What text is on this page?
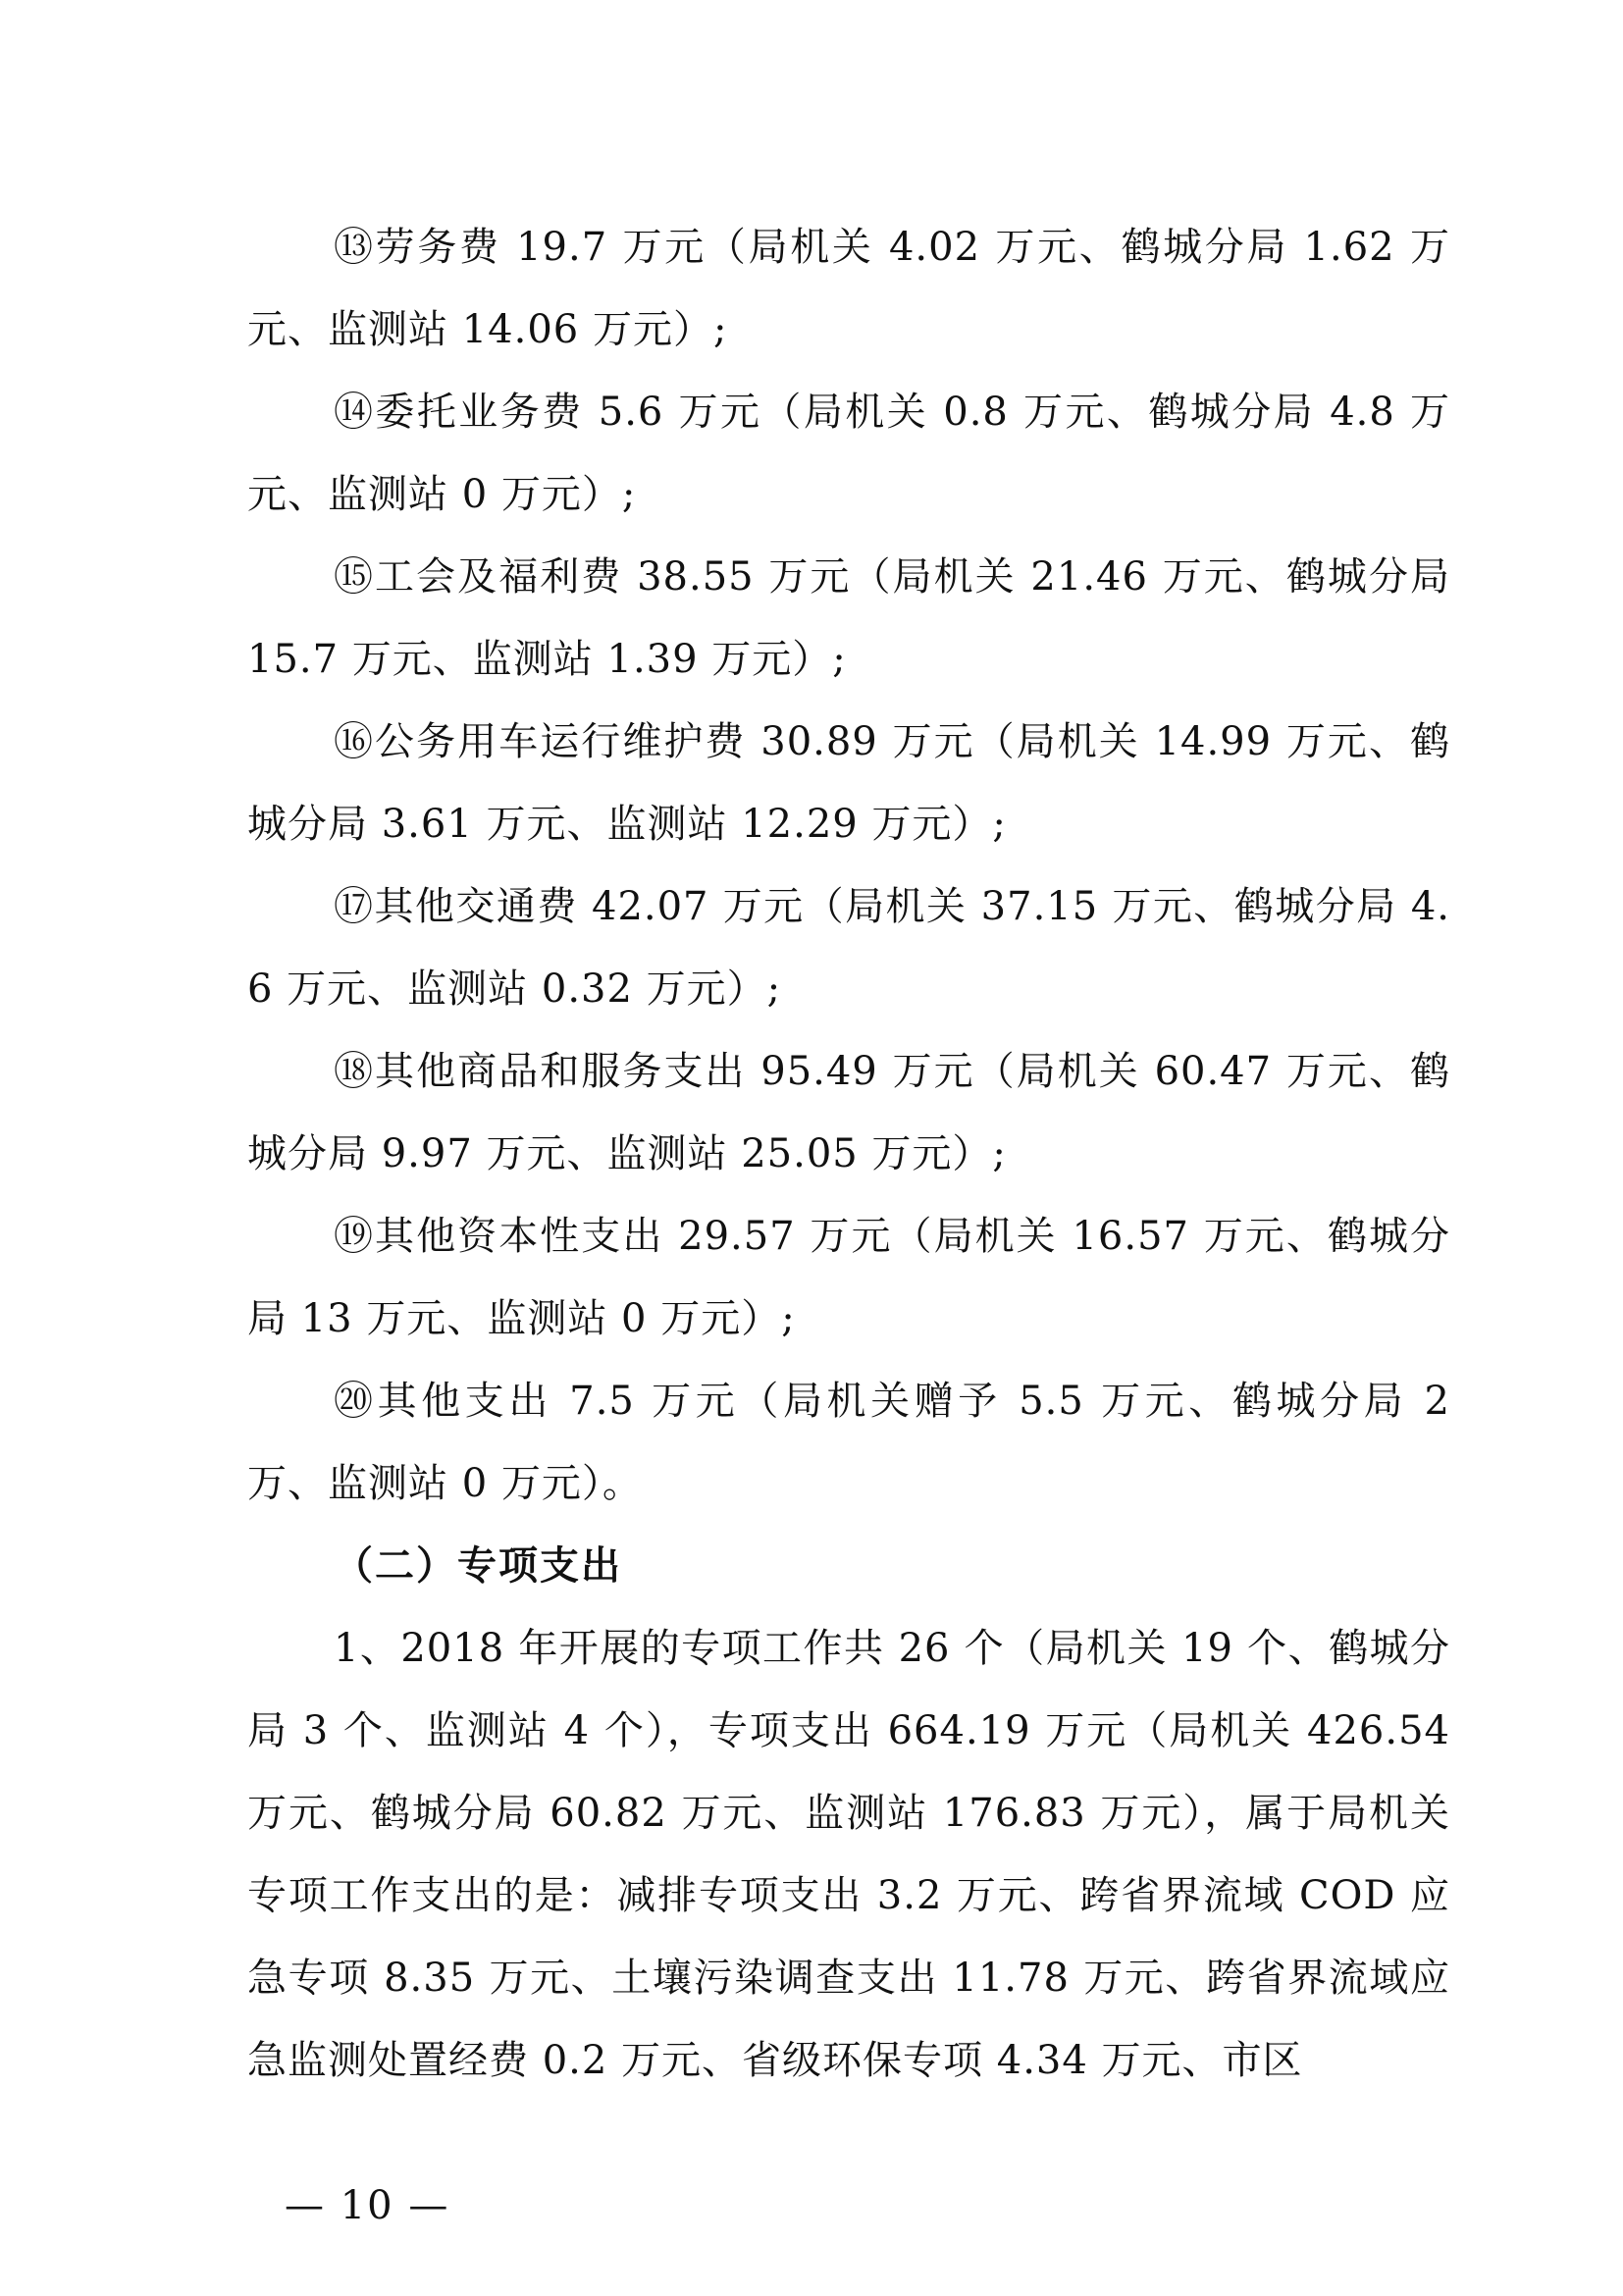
⑬劳务费 19.7 万元（局机关 4.02 万元、鹤城分局 1.62 万元、监测站 14.06 万元）;

⑭委托业务费 5.6 万元（局机关 0.8 万元、鹤城分局 4.8 万元、监测站 0 万元）;

⑮工会及福利费 38.55 万元（局机关 21.46 万元、鹤城分局 15.7 万元、监测站 1.39 万元）;

⑯公务用车运行维护费 30.89 万元（局机关 14.99 万元、鹤城分局 3.61 万元、监测站 12.29 万元）;

⑰其他交通费 42.07 万元（局机关 37.15 万元、鹤城分局 4.6 万元、监测站 0.32 万元）;

⑱其他商品和服务支出 95.49 万元（局机关 60.47 万元、鹤城分局 9.97 万元、监测站 25.05 万元）;

⑲其他资本性支出 29.57 万元（局机关 16.57 万元、鹤城分局 13 万元、监测站 0 万元）;

⑳其他支出 7.5 万元（局机关赠予 5.5 万元、鹤城分局 2 万、监测站 0 万元）。

（二）专项支出

1、2018 年开展的专项工作共 26 个（局机关 19 个、鹤城分局 3 个、监测站 4 个），专项支出 664.19 万元（局机关 426.54 万元、鹤城分局 60.82 万元、监测站 176.83 万元），属于局机关专项工作支出的是：减排专项支出 3.2 万元、跨省界流域 COD 应急专项 8.35 万元、土壤污染调查支出 11.78 万元、跨省界流域应急监测处置经费 0.2 万元、省级环保专项 4.34 万元、市区

— 10 —
